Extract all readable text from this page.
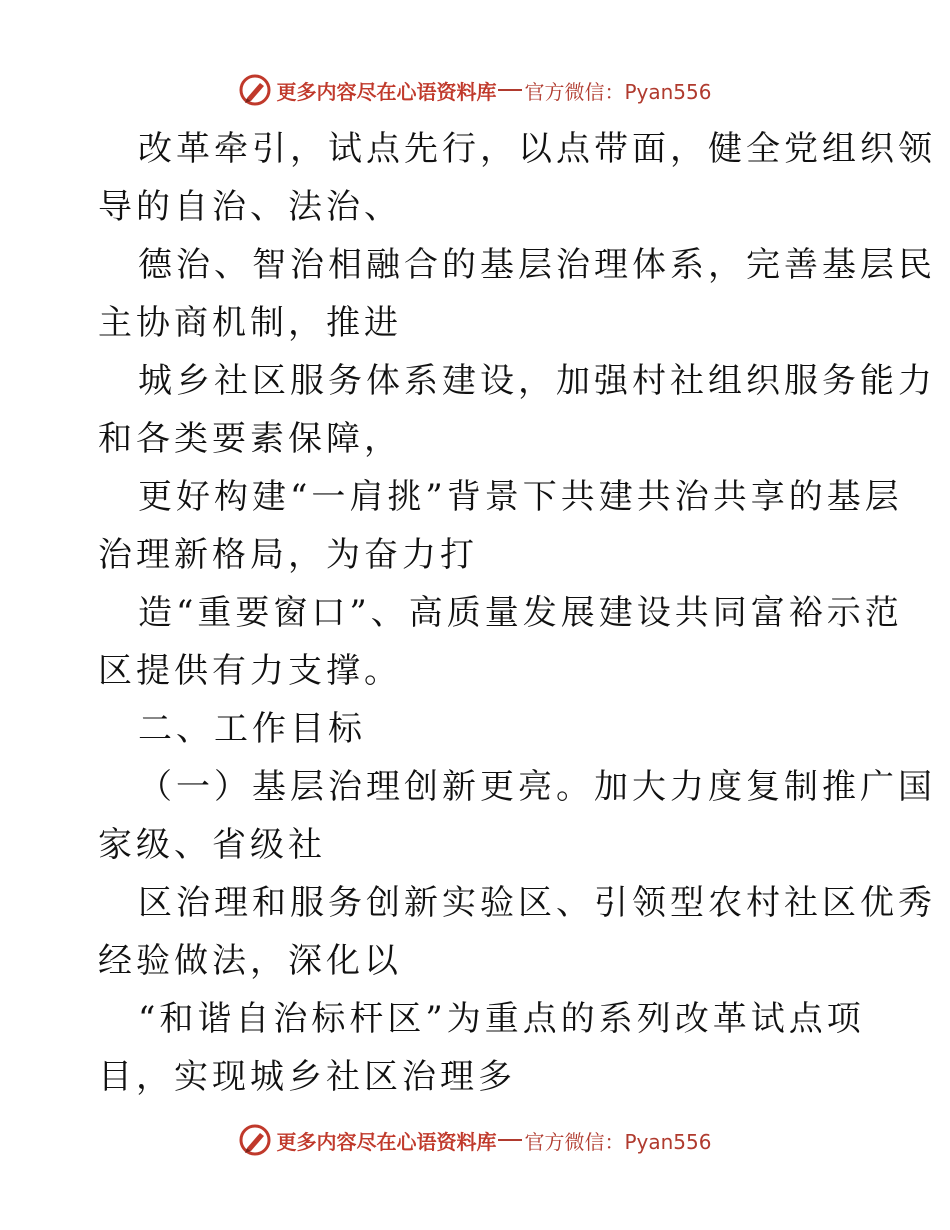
更多内容尽在心语资料库 官方微信：Pyan556
改革牵引，试点先行，以点带面，健全党组织领
导的自治、法治、
德治、智治相融合的基层治理体系，完善基层民
主协商机制，推进
城乡社区服务体系建设，加强村社组织服务能力
和各类要素保障，
更好构建“一肩挑”背景下共建共治共享的基层
治理新格局，为奋力打
造“重要窗口”、高质量发展建设共同富裕示范
区提供有力支撑。
二、工作目标
（一）基层治理创新更亮。加大力度复制推广国
家级、省级社
区治理和服务创新实验区、引领型农村社区优秀
经验做法，深化以
“和谐自治标杆区”为重点的系列改革试点项
目，实现城乡社区治理多
更多内容尽在心语资料库 官方微信：Pyan556
